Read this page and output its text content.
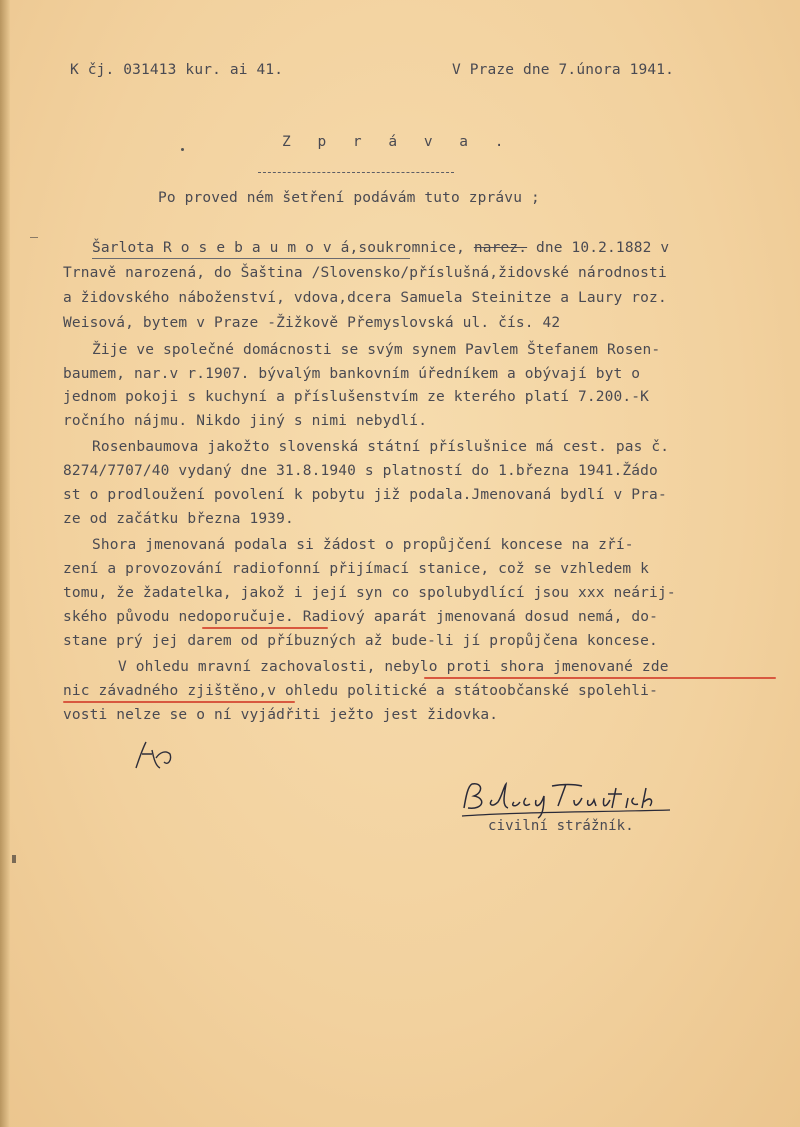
K čj. 031413 kur. ai 41.	V Praze dne 7.února 1941.
Z p r á v a .
Po proved ném šetření podávám tuto zprávu ;
Šarlota R o s e b a u m o v á,soukromnice, narez. dne 10.2.1882 v
Trnavě narozená, do Šaština /Slovensko/příslušná,židovské národnosti
a židovského náboženství, vdova,dcera Samuela Steinitze a Laury roz.
Weisová, bytem v Praze -Žižkově Přemyslovská ul. čís. 42
Žije ve společné domácnosti se svým synem Pavlem Štefanem Rosen-
baumem, nar.v r.1907. bývalým bankovním úředníkem a obývají byt o
jednom pokoji s kuchyní a příslušenstvím ze kterého platí 7.200.-K
ročního nájmu. Nikdo jiný s nimi nebydlí.
Rosenbaumova jakožto slovenská státní příslušnice má cest. pas č.
8274/7707/40 vydaný dne 31.8.1940 s platností do 1.března 1941.Žádo
st o prodloužení povolení k pobytu již podala.Jmenovaná bydlí v Pra-
ze od začátku března 1939.
Shora jmenovaná podala si žádost o propůjčení koncese na zří-
zení a provozování radiofonní přijímací stanice, což se vzhledem k
tomu, že žadatelka, jakož i její syn co spolubydlící jsou xxx neárij-
ského původu nedoporučuje. Radiový aparát jmenovaná dosud nemá, do-
stane prý jej darem od příbuzných až bude-li jí propůjčena koncese.
V ohledu mravní zachovalosti, nebylo proti shora jmenované zde
nic závadného zjištěno,v ohledu politické a státoobčanské spolehli-
vosti nelze se o ní vyjádřiti ježto jest židovka.
civilní strážník.
